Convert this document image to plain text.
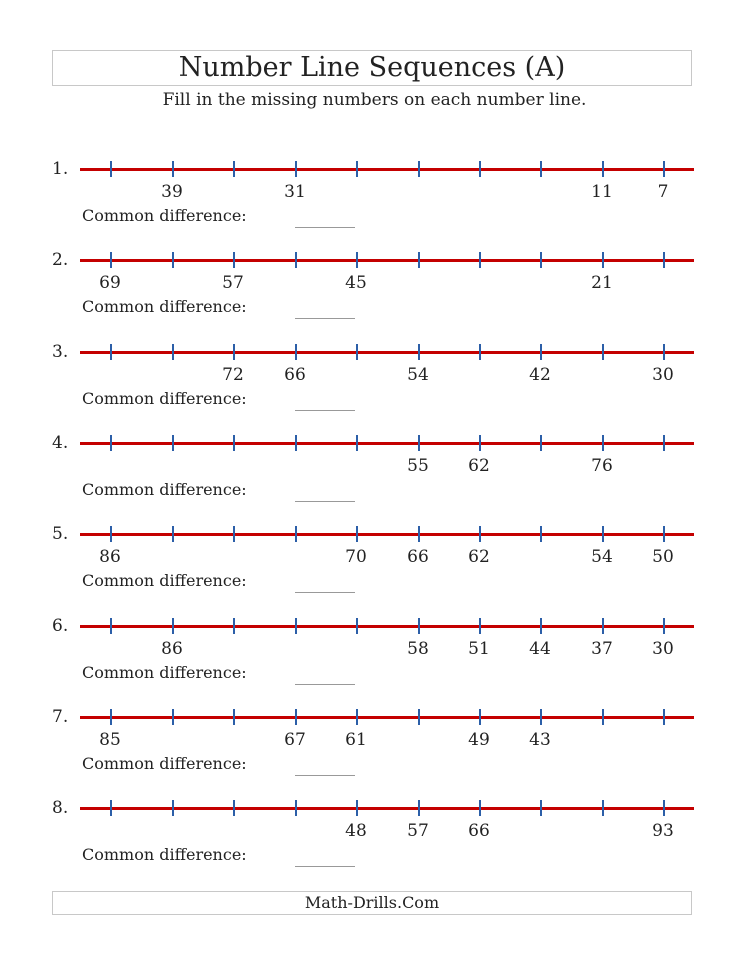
Number Line Sequences (A)
Fill in the missing numbers on each number line.
1.
39	31	11	7
Common difference:
2.
69	57	45	21
Common difference:
3.
72	66	54	42	30
Common difference:
4.
55	62	76
Common difference:
5.
86	70	66	62	54	50
Common difference:
6.
86	58	51	44	37	30
Common difference:
7.
85	67	61	49	43
Common difference:
8.
48	57	66	93
Common difference:
Math-Drills.Com
